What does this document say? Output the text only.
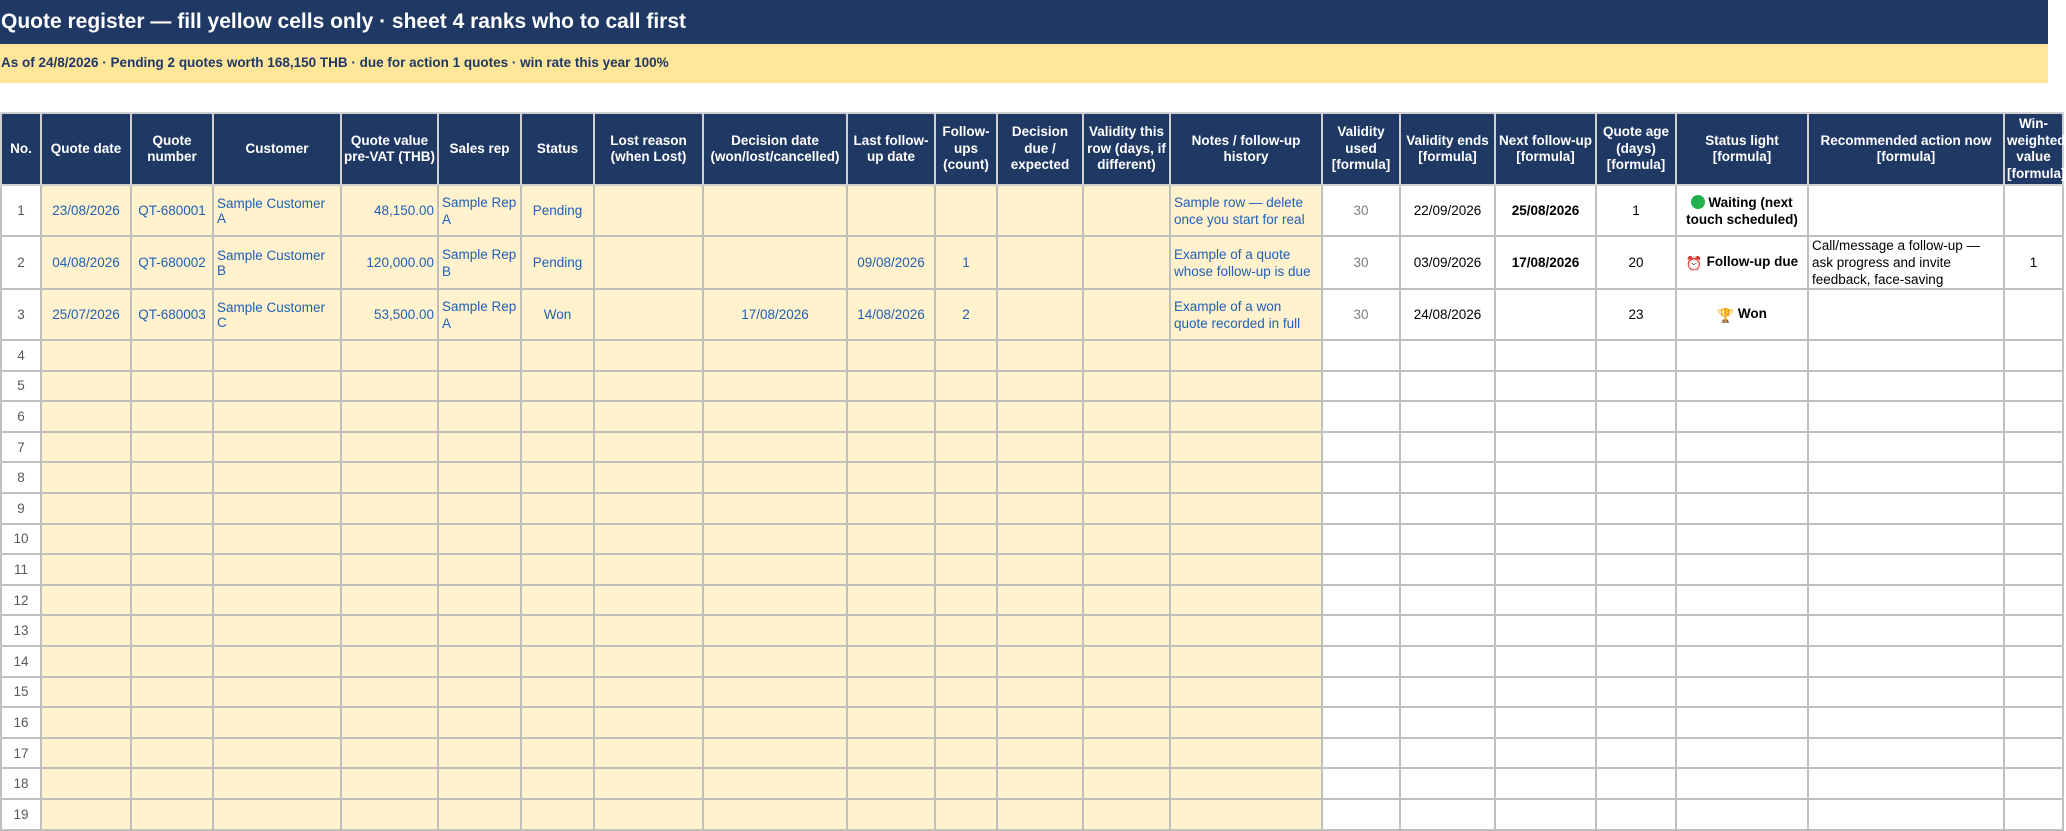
Quote register — fill yellow cells only · sheet 4 ranks who to call first
As of 24/8/2026 · Pending 2 quotes worth 168,150 THB · due for action 1 quotes · win rate this year 100%
No.	Quote date	Quote number	Customer	Quote value pre-VAT (THB)	Sales rep	Status	Lost reason (when Lost)	Decision date (won/lost/cancelled)	Last follow-up date	Follow-ups (count)	Decision due / expected	Validity this row (days, if different)	Notes / follow-up history	Validity used [formula]	Validity ends [formula]	Next follow-up [formula]	Quote age (days) [formula]	Status light [formula]	Recommended action now [formula]	Win-weighted value [formula]
1	23/08/2026	QT-680001	Sample Customer A	48,150.00	Sample Rep A	Pending							Sample row — delete once you start for real	30	22/09/2026	25/08/2026	1	Waiting (next touch scheduled)		
2	04/08/2026	QT-680002	Sample Customer B	120,000.00	Sample Rep B	Pending			09/08/2026	1			Example of a quote whose follow-up is due	30	03/09/2026	17/08/2026	20	⏰ Follow-up due	Call/message a follow-up — ask progress and invite feedback, face-saving	1
3	25/07/2026	QT-680003	Sample Customer C	53,500.00	Sample Rep A	Won		17/08/2026	14/08/2026	2			Example of a won quote recorded in full	30	24/08/2026		23	🏆 Won		
4																				
5																				
6																				
7																				
8																				
9																				
10																				
11																				
12																				
13																				
14																				
15																				
16																				
17																				
18																				
19																				
